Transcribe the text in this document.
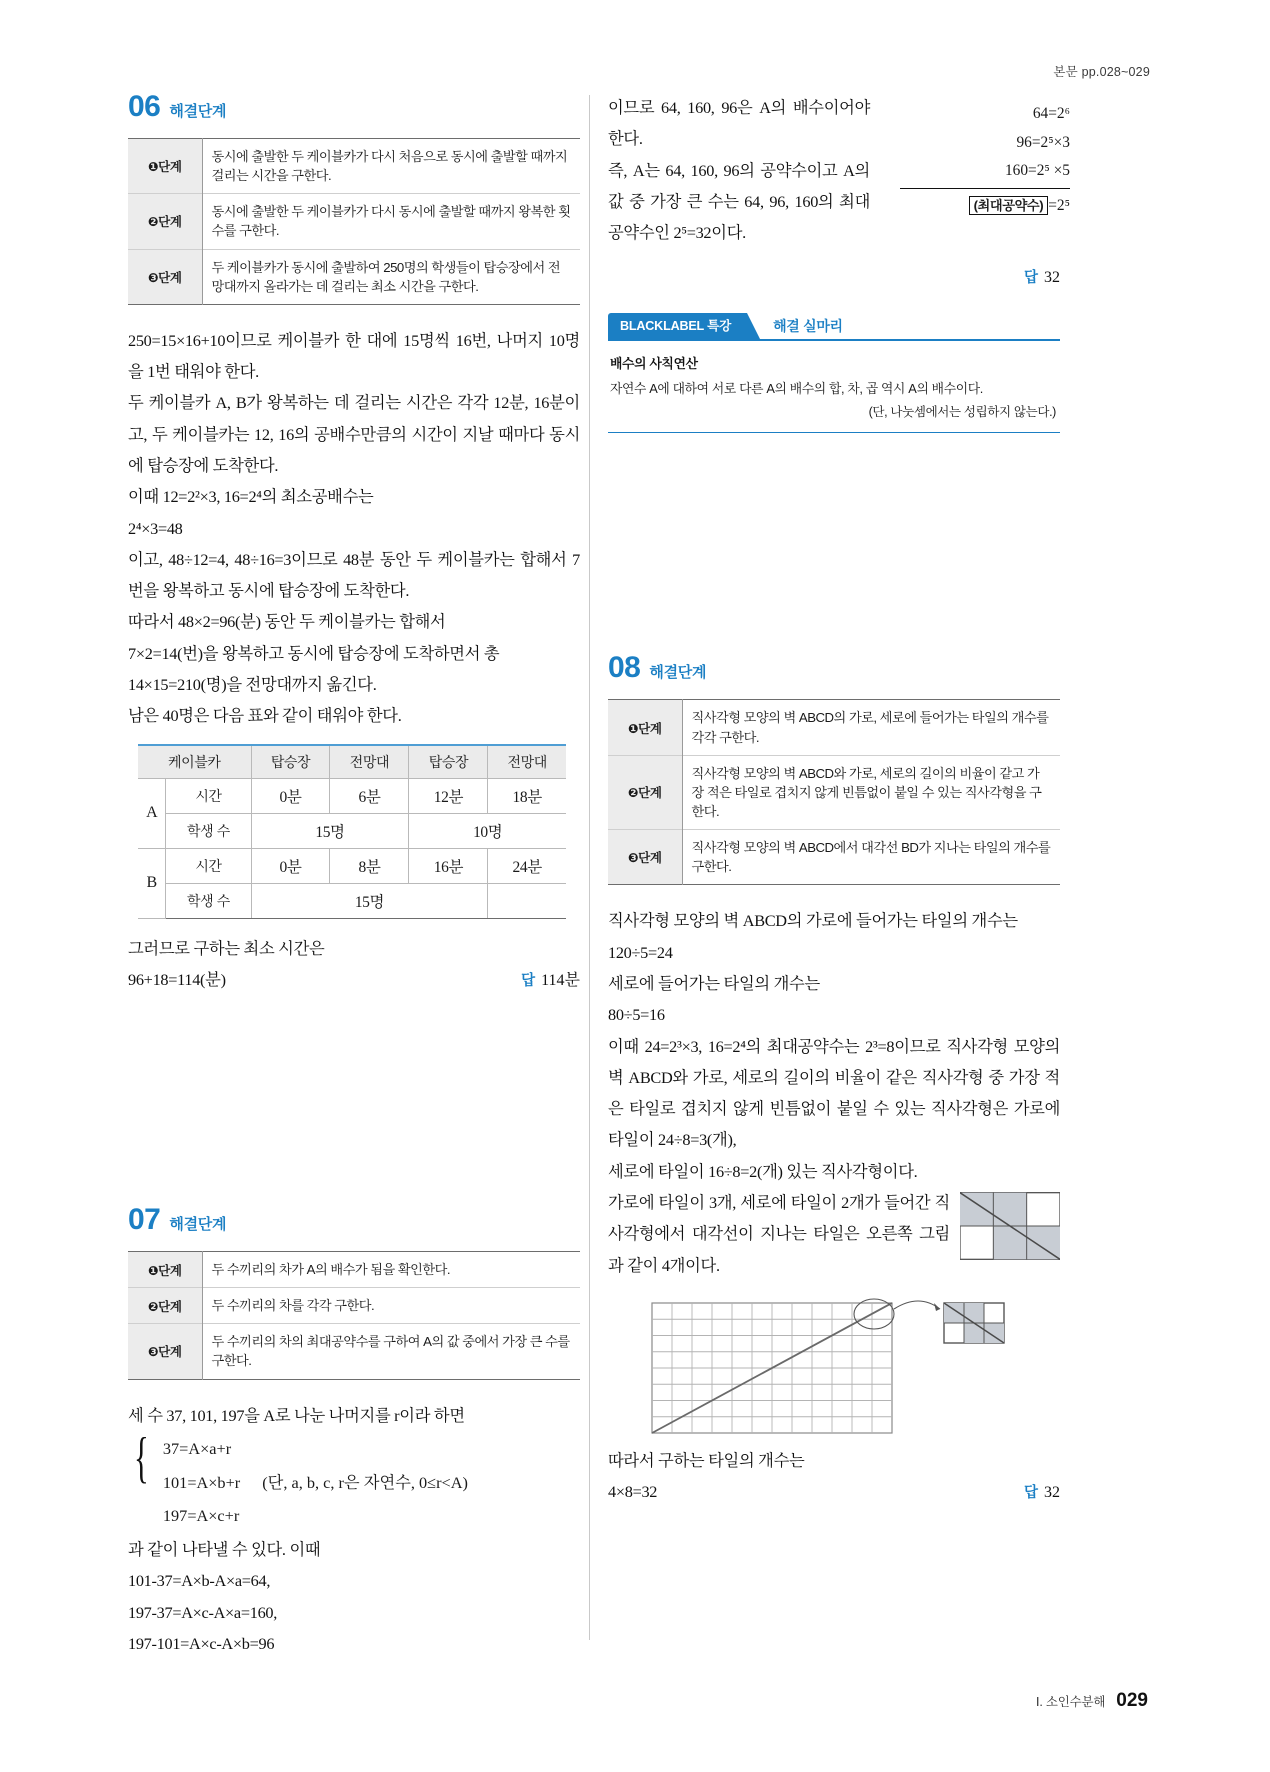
본문 pp.028~029
06 해결단계
❶단계	동시에 출발한 두 케이블카가 다시 처음으로 동시에 출발할 때까지 걸리는 시간을 구한다.
❷단계	동시에 출발한 두 케이블카가 다시 동시에 출발할 때까지 왕복한 횟수를 구한다.
❸단계	두 케이블카가 동시에 출발하여 250명의 학생들이 탑승장에서 전망대까지 올라가는 데 걸리는 최소 시간을 구한다.
250=15×16+10이므로 케이블카 한 대에 15명씩 16번, 나머지 10명을 1번 태워야 한다.
두 케이블카 A, B가 왕복하는 데 걸리는 시간은 각각 12분, 16분이고, 두 케이블카는 12, 16의 공배수만큼의 시간이 지날 때마다 동시에 탑승장에 도착한다.
이때 12=2²×3, 16=2⁴의 최소공배수는
2⁴×3=48
이고, 48÷12=4, 48÷16=3이므로 48분 동안 두 케이블카는 합해서 7번을 왕복하고 동시에 탑승장에 도착한다.
따라서 48×2=96(분) 동안 두 케이블카는 합해서
7×2=14(번)을 왕복하고 동시에 탑승장에 도착하면서 총
14×15=210(명)을 전망대까지 옮긴다.
남은 40명은 다음 표와 같이 태워야 한다.
케이블카		탑승장	전망대	탑승장	전망대
A	시간	0분	6분	12분	18분
	학생 수	15명		10명	
B	시간	0분	8분	16분	24분
	학생 수	15명			
그러므로 구하는 최소 시간은
96+18=114(분)	답 114분
07 해결단계
❶단계	두 수끼리의 차가 A의 배수가 됨을 확인한다.
❷단계	두 수끼리의 차를 각각 구한다.
❸단계	두 수끼리의 차의 최대공약수를 구하여 A의 값 중에서 가장 큰 수를 구한다.
세 수 37, 101, 197을 A로 나눈 나머지를 r이라 하면
{ 37=A×a+r
101=A×b+r (단, a, b, c, r은 자연수, 0≤r<A)
197=A×c+r
과 같이 나타낼 수 있다. 이때
101-37=A×b-A×a=64,
197-37=A×c-A×a=160,
197-101=A×c-A×b=96
이므로 64, 160, 96은 A의 배수이어야 한다.
즉, A는 64, 160, 96의 공약수이고 A의 값 중 가장 큰 수는 64, 96, 160의 최대공약수인 2⁵=32이다.
답 32
BLACKLABEL 특강	해결 실마리
배수의 사칙연산
자연수 A에 대하여 서로 다른 A의 배수의 합, 차, 곱 역시 A의 배수이다.
(단, 나눗셈에서는 성립하지 않는다.)
08 해결단계
❶단계	직사각형 모양의 벽 ABCD의 가로, 세로에 들어가는 타일의 개수를 각각 구한다.
❷단계	직사각형 모양의 벽 ABCD와 가로, 세로의 길이의 비율이 같고 가장 적은 타일로 겹치지 않게 빈틈없이 붙일 수 있는 직사각형을 구한다.
❸단계	직사각형 모양의 벽 ABCD에서 대각선 BD가 지나는 타일의 개수를 구한다.
직사각형 모양의 벽 ABCD의 가로에 들어가는 타일의 개수는
120÷5=24
세로에 들어가는 타일의 개수는
80÷5=16
이때 24=2³×3, 16=2⁴의 최대공약수는 2³=8이므로 직사각형 모양의 벽 ABCD와 가로, 세로의 길이의 비율이 같은 직사각형 중 가장 적은 타일로 겹치지 않게 빈틈없이 붙일 수 있는 직사각형은 가로에 타일이 24÷8=3(개),
세로에 타일이 16÷8=2(개) 있는 직사각형이다.
가로에 타일이 3개, 세로에 타일이 2개가 들어간 직사각형에서 대각선이 지나는 타일은 오른쪽 그림과 같이 4개이다.
따라서 구하는 타일의 개수는
4×8=32	답 32
64=2⁶
96=2⁵×3
160=2⁵ ×5
(최대공약수) =2⁵
Ⅰ. 소인수분해 029
